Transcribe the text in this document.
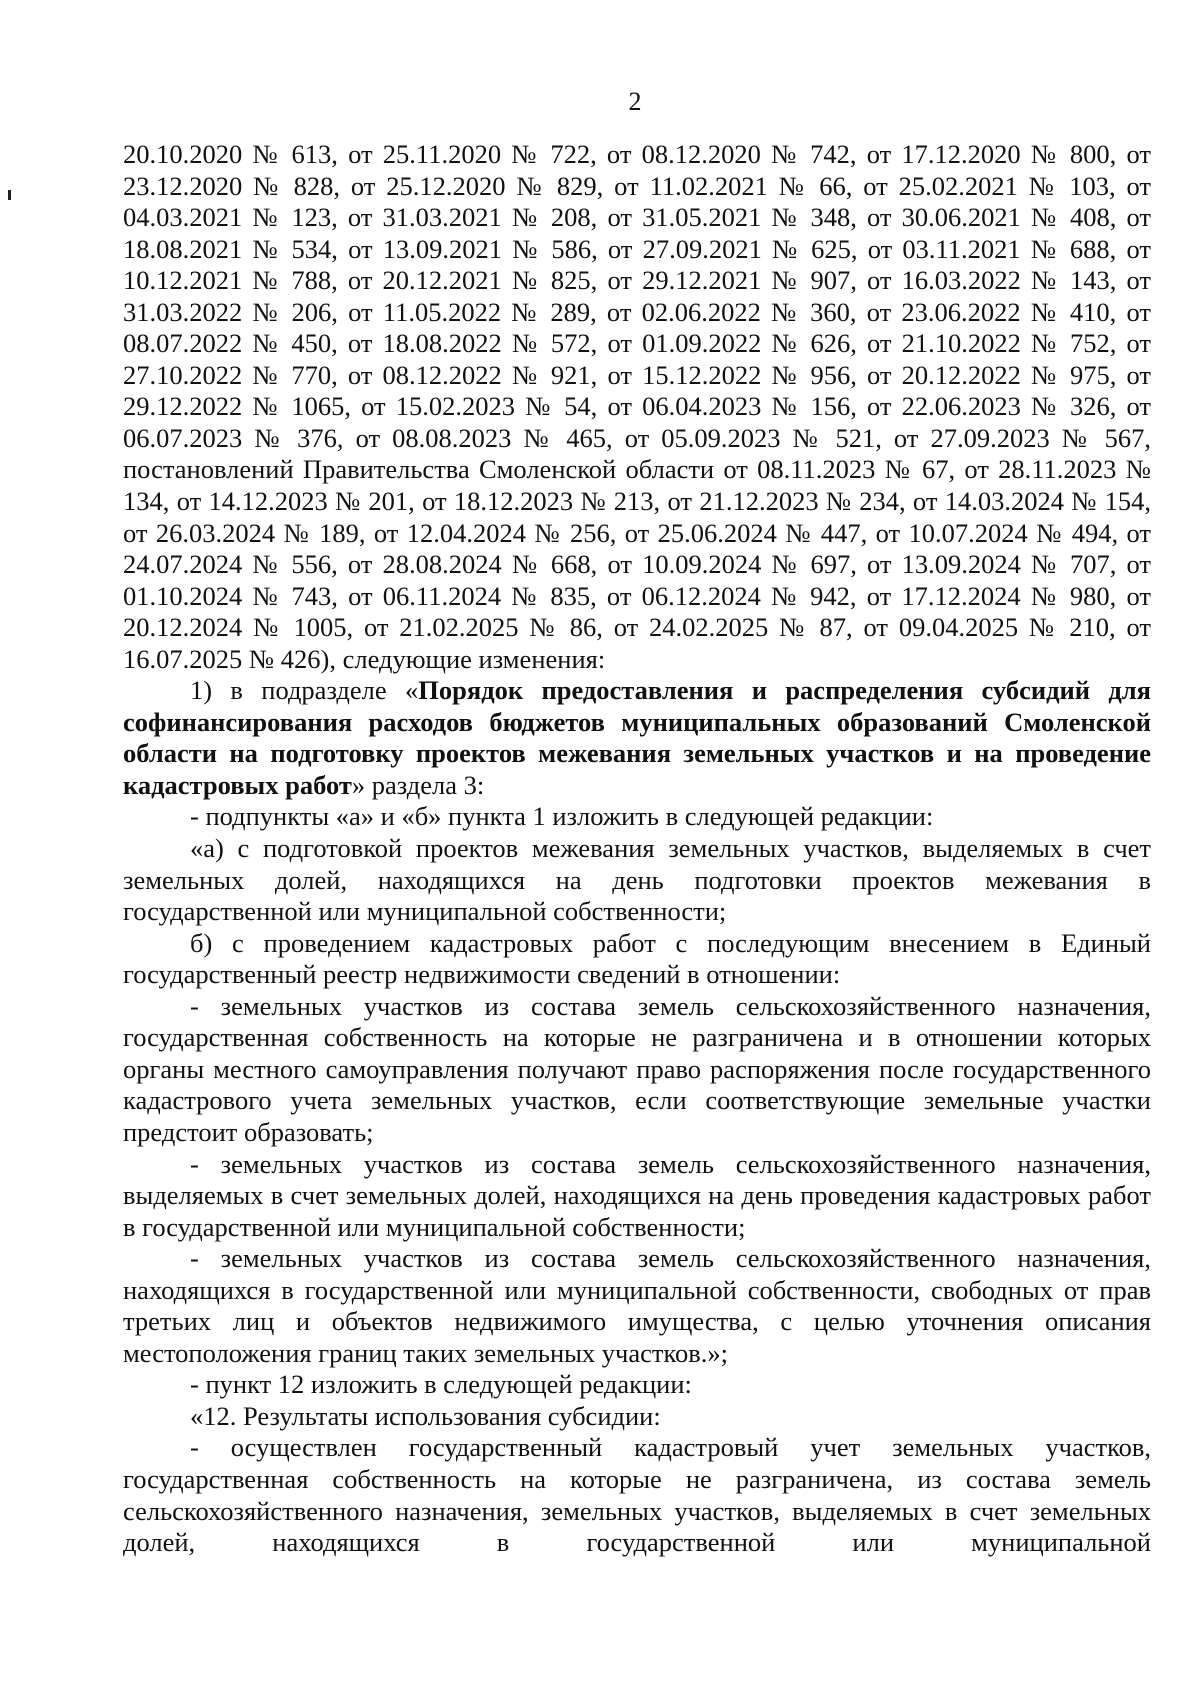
2

20.10.2020 № 613, от 25.11.2020 № 722, от 08.12.2020 № 742, от 17.12.2020 № 800, от 23.12.2020 № 828, от 25.12.2020 № 829, от 11.02.2021 № 66, от 25.02.2021 № 103, от 04.03.2021 № 123, от 31.03.2021 № 208, от 31.05.2021 № 348, от 30.06.2021 № 408, от 18.08.2021 № 534, от 13.09.2021 № 586, от 27.09.2021 № 625, от 03.11.2021 № 688, от 10.12.2021 № 788, от 20.12.2021 № 825, от 29.12.2021 № 907, от 16.03.2022 № 143, от 31.03.2022 № 206, от 11.05.2022 № 289, от 02.06.2022 № 360, от 23.06.2022 № 410, от 08.07.2022 № 450, от 18.08.2022 № 572, от 01.09.2022 № 626, от 21.10.2022 № 752, от 27.10.2022 № 770, от 08.12.2022 № 921, от 15.12.2022 № 956, от 20.12.2022 № 975, от 29.12.2022 № 1065, от 15.02.2023 № 54, от 06.04.2023 № 156, от 22.06.2023 № 326, от 06.07.2023 № 376, от 08.08.2023 № 465, от 05.09.2023 № 521, от 27.09.2023 № 567, постановлений Правительства Смоленской области от 08.11.2023 № 67, от 28.11.2023 № 134, от 14.12.2023 № 201, от 18.12.2023 № 213, от 21.12.2023 № 234, от 14.03.2024 № 154, от 26.03.2024 № 189, от 12.04.2024 № 256, от 25.06.2024 № 447, от 10.07.2024 № 494, от 24.07.2024 № 556, от 28.08.2024 № 668, от 10.09.2024 № 697, от 13.09.2024 № 707, от 01.10.2024 № 743, от 06.11.2024 № 835, от 06.12.2024 № 942, от 17.12.2024 № 980, от 20.12.2024 № 1005, от 21.02.2025 № 86, от 24.02.2025 № 87, от 09.04.2025 № 210, от 16.07.2025 № 426), следующие изменения:

1) в подразделе «Порядок предоставления и распределения субсидий для софинансирования расходов бюджетов муниципальных образований Смоленской области на подготовку проектов межевания земельных участков и на проведение кадастровых работ» раздела 3:

- подпункты «а» и «б» пункта 1 изложить в следующей редакции:

«а) с подготовкой проектов межевания земельных участков, выделяемых в счет земельных долей, находящихся на день подготовки проектов межевания в государственной или муниципальной собственности;

б) с проведением кадастровых работ с последующим внесением в Единый государственный реестр недвижимости сведений в отношении:

- земельных участков из состава земель сельскохозяйственного назначения, государственная собственность на которые не разграничена и в отношении которых органы местного самоуправления получают право распоряжения после государственного кадастрового учета земельных участков, если соответствующие земельные участки предстоит образовать;

- земельных участков из состава земель сельскохозяйственного назначения, выделяемых в счет земельных долей, находящихся на день проведения кадастровых работ в государственной или муниципальной собственности;

- земельных участков из состава земель сельскохозяйственного назначения, находящихся в государственной или муниципальной собственности, свободных от прав третьих лиц и объектов недвижимого имущества, с целью уточнения описания местоположения границ таких земельных участков.»;

- пункт 12 изложить в следующей редакции:

«12. Результаты использования субсидии:

- осуществлен государственный кадастровый учет земельных участков, государственная собственность на которые не разграничена, из состава земель сельскохозяйственного назначения, земельных участков, выделяемых в счет земельных долей, находящихся в государственной или муниципальной
